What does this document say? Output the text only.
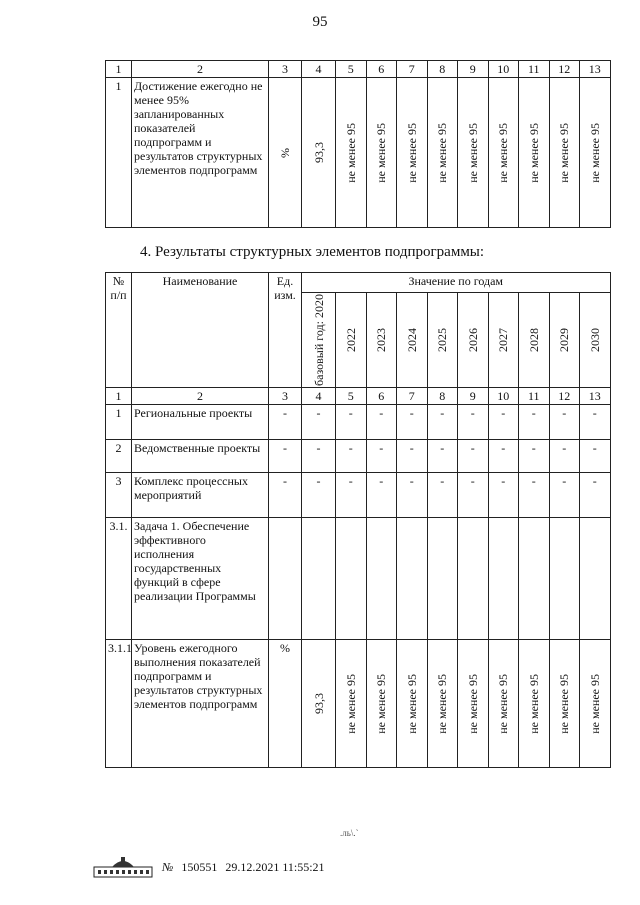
95
1	2	3	4	5	6	7	8	9	10	11	12	13
1	Достижение ежегодно не менее 95% запланированных показателей подпрограмм и результатов структурных элементов подпрограмм	%	93,3	не менее 95	не менее 95	не менее 95	не менее 95	не менее 95	не менее 95	не менее 95	не менее 95	не менее 95
4. Результаты структурных элементов подпрограммы:
№ п/п	Наименование	Ед. изм.	Значение по годам									

			базовый год: 2020	2022	2023	2024	2025	2026	2027	2028	2029	2030

1	2	3	4	5	6	7	8	9	10	11	12	13
1	Региональные проекты	-	-	-	-	-	-	-	-	-	-	-
2	Ведомственные проекты	-	-	-	-	-	-	-	-	-	-	-
3	Комплекс процессных мероприятий	-	-	-	-	-	-	-	-	-	-	-
3.1.	Задача 1. Обеспечение эффективного исполнения государственных функций в сфере реализации Программы											
3.1.1	Уровень ежегодного выполнения показателей подпрограмм и результатов структурных элементов подпрограмм	%	93,3	не менее 95	не менее 95	не менее 95	не менее 95	не менее 95	не менее 95	не менее 95	не менее 95	не менее 95
.ль\.`
№ 150551 29.12.2021 11:55:21
